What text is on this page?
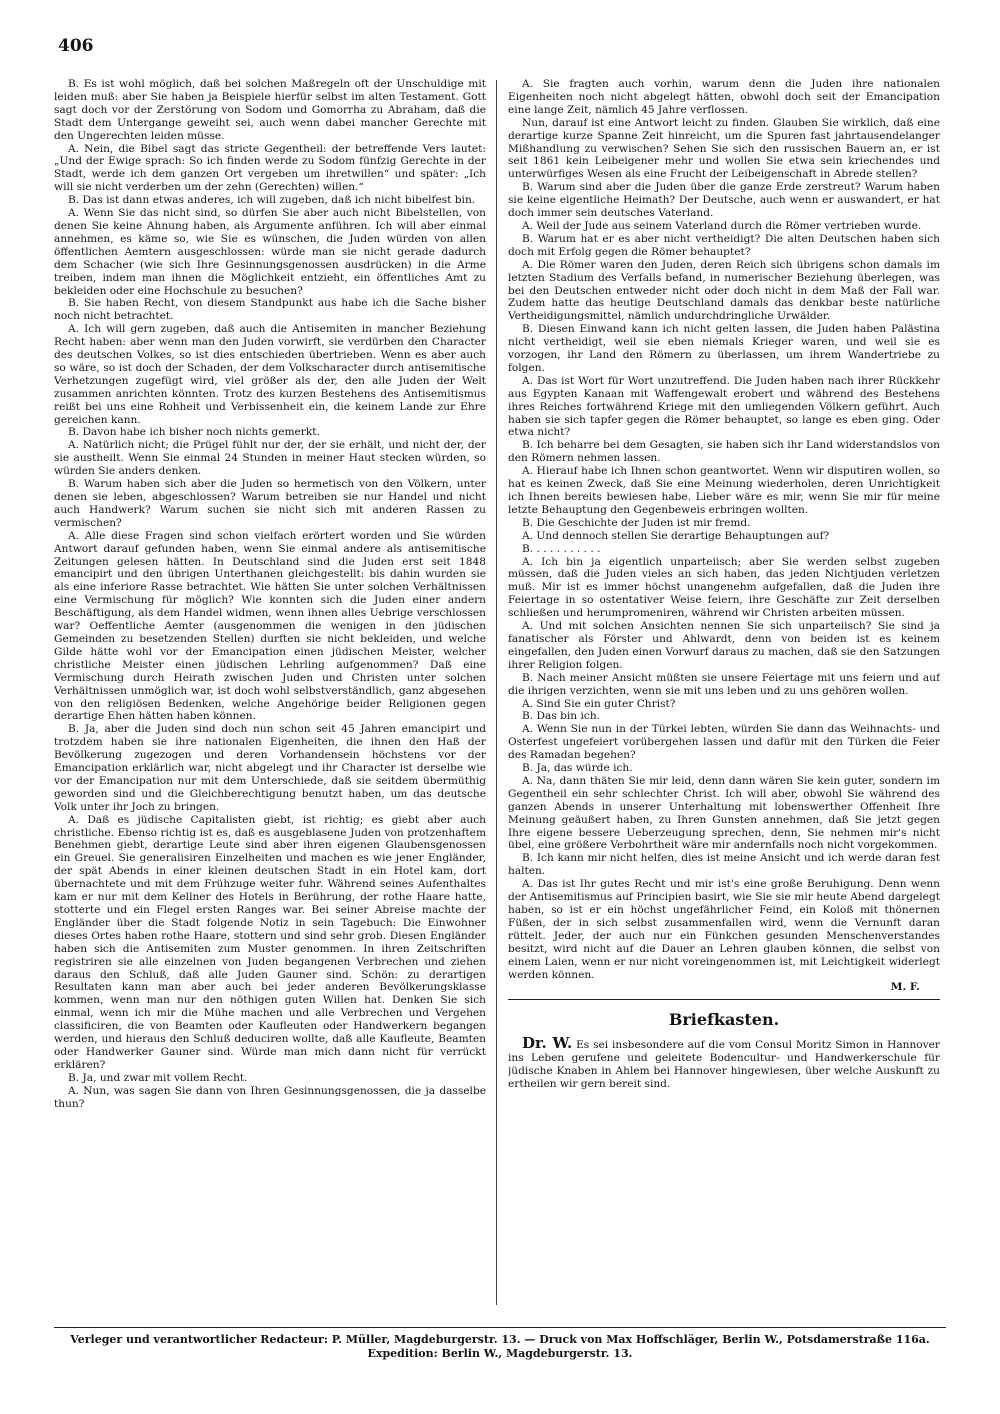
406

B. Es ist wohl möglich, daß bei solchen Maßregeln oft der Unschuldige mit leiden muß: aber Sie haben ja Beispiele hierfür selbst im alten Testament. Gott sagt doch vor der Zerstörung von Sodom und Gomorrha zu Abraham, daß die Stadt dem Untergange geweiht sei, auch wenn dabei mancher Gerechte mit den Ungerechten leiden müsse.

A. Nein, die Bibel sagt das stricte Gegentheil: der betreffende Vers lautet: „Und der Ewige sprach: So ich finden werde zu Sodom fünfzig Gerechte in der Stadt, werde ich dem ganzen Ort vergeben um ihretwillen“ und später: „Ich will sie nicht verderben um der zehn (Gerechten) willen.“

B. Das ist dann etwas anderes, ich will zugeben, daß ich nicht bibelfest bin.

A. Wenn Sie das nicht sind, so dürfen Sie aber auch nicht Bibelstellen, von denen Sie keine Ahnung haben, als Argumente anführen. Ich will aber einmal annehmen, es käme so, wie Sie es wünschen, die Juden würden von allen öffentlichen Aemtern ausgeschlossen: würde man sie nicht gerade dadurch dem Schacher (wie sich Ihre Gesinnungsgenossen ausdrücken) in die Arme treiben, indem man ihnen die Möglichkeit entzieht, ein öffentliches Amt zu bekleiden oder eine Hochschule zu besuchen?

B. Sie haben Recht, von diesem Standpunkt aus habe ich die Sache bisher noch nicht betrachtet.

A. Ich will gern zugeben, daß auch die Antisemiten in mancher Beziehung Recht haben: aber wenn man den Juden vorwirft, sie verdürben den Character des deutschen Volkes, so ist dies entschieden übertrieben. Wenn es aber auch so wäre, so ist doch der Schaden, der dem Volkscharacter durch antisemitische Verhetzungen zugefügt wird, viel größer als der, den alle Juden der Welt zusammen anrichten könnten. Trotz des kurzen Bestehens des Antisemitismus reißt bei uns eine Rohheit und Verbissenheit ein, die keinem Lande zur Ehre gereichen kann.

B. Davon habe ich bisher noch nichts gemerkt.

A. Natürlich nicht; die Prügel fühlt nur der, der sie erhält, und nicht der, der sie austheilt. Wenn Sie einmal 24 Stunden in meiner Haut stecken würden, so würden Sie anders denken.

B. Warum haben sich aber die Juden so hermetisch von den Völkern, unter denen sie leben, abgeschlossen? Warum betreiben sie nur Handel und nicht auch Handwerk? Warum suchen sie nicht sich mit anderen Rassen zu vermischen?

A. Alle diese Fragen sind schon vielfach erörtert worden und Sie würden Antwort darauf gefunden haben, wenn Sie einmal andere als antisemitische Zeitungen gelesen hätten. In Deutschland sind die Juden erst seit 1848 emancipirt und den übrigen Unterthanen gleichgestellt: bis dahin wurden sie als eine inferiore Rasse betrachtet. Wie hätten Sie unter solchen Verhältnissen eine Vermischung für möglich? Wie konnten sich die Juden einer andern Beschäftigung, als dem Handel widmen, wenn ihnen alles Uebrige verschlossen war? Oeffentliche Aemter (ausgenommen die wenigen in den jüdischen Gemeinden zu besetzenden Stellen) durften sie nicht bekleiden, und welche Gilde hätte wohl vor der Emancipation einen jüdischen Meister, welcher christliche Meister einen jüdischen Lehrling aufgenommen? Daß eine Vermischung durch Heirath zwischen Juden und Christen unter solchen Verhältnissen unmöglich war, ist doch wohl selbstverständlich, ganz abgesehen von den religiösen Bedenken, welche Angehörige beider Religionen gegen derartige Ehen hätten haben können.

B. Ja, aber die Juden sind doch nun schon seit 45 Jahren emancipirt und trotzdem haben sie ihre nationalen Eigenheiten, die ihnen den Haß der Bevölkerung zugezogen und deren Vorhandensein höchstens vor der Emancipation erklärlich war, nicht abgelegt und ihr Character ist derselbe wie vor der Emancipation nur mit dem Unterschiede, daß sie seitdem übermüthig geworden sind und die Gleichberechtigung benutzt haben, um das deutsche Volk unter ihr Joch zu bringen.

A. Daß es jüdische Capitalisten giebt, ist richtig; es giebt aber auch christliche. Ebenso richtig ist es, daß es ausgeblasene Juden von protzenhaftem Benehmen giebt, derartige Leute sind aber ihren eigenen Glaubensgenossen ein Greuel. Sie generalisiren Einzelheiten und machen es wie jener Engländer, der spät Abends in einer kleinen deutschen Stadt in ein Hotel kam, dort übernachtete und mit dem Frühzuge weiter fuhr. Während seines Aufenthaltes kam er nur mit dem Kellner des Hotels in Berührung, der rothe Haare hatte, stotterte und ein Flegel ersten Ranges war. Bei seiner Abreise machte der Engländer über die Stadt folgende Notiz in sein Tagebuch: Die Einwohner dieses Ortes haben rothe Haare, stottern und sind sehr grob. Diesen Engländer haben sich die Antisemiten zum Muster genommen. In ihren Zeitschriften registriren sie alle einzelnen von Juden begangenen Verbrechen und ziehen daraus den Schluß, daß alle Juden Gauner sind. Schön: zu derartigen Resultaten kann man aber auch bei jeder anderen Bevölkerungsklasse kommen, wenn man nur den nöthigen guten Willen hat. Denken Sie sich einmal, wenn ich mir die Mühe machen und alle Verbrechen und Vergehen classificiren, die von Beamten oder Kaufleuten oder Handwerkern begangen werden, und hieraus den Schluß deduciren wollte, daß alle Kaufleute, Beamten oder Handwerker Gauner sind. Würde man mich dann nicht für verrückt erklären?

B. Ja, und zwar mit vollem Recht.

A. Nun, was sagen Sie dann von Ihren Gesinnungsgenossen, die ja dasselbe thun?

A. Sie fragten auch vorhin, warum denn die Juden ihre nationalen Eigenheiten noch nicht abgelegt hätten, obwohl doch seit der Emancipation eine lange Zeit, nämlich 45 Jahre verflossen.

Nun, darauf ist eine Antwort leicht zu finden. Glauben Sie wirklich, daß eine derartige kurze Spanne Zeit hinreicht, um die Spuren fast jahrtausendelanger Mißhandlung zu verwischen? Sehen Sie sich den russischen Bauern an, er ist seit 1861 kein Leibeigener mehr und wollen Sie etwa sein kriechendes und unterwürfiges Wesen als eine Frucht der Leibeigenschaft in Abrede stellen?

B. Warum sind aber die Juden über die ganze Erde zerstreut? Warum haben sie keine eigentliche Heimath? Der Deutsche, auch wenn er auswandert, er hat doch immer sein deutsches Vaterland.

A. Weil der Jude aus seinem Vaterland durch die Römer vertrieben wurde.

B. Warum hat er es aber nicht vertheidigt? Die alten Deutschen haben sich doch mit Erfolg gegen die Römer behauptet?

A. Die Römer waren den Juden, deren Reich sich übrigens schon damals im letzten Stadium des Verfalls befand, in numerischer Beziehung überlegen, was bei den Deutschen entweder nicht oder doch nicht in dem Maß der Fall war. Zudem hatte das heutige Deutschland damals das denkbar beste natürliche Vertheidigungsmittel, nämlich undurchdringliche Urwälder.

B. Diesen Einwand kann ich nicht gelten lassen, die Juden haben Palästina nicht vertheidigt, weil sie eben niemals Krieger waren, und weil sie es vorzogen, ihr Land den Römern zu überlassen, um ihrem Wandertriebe zu folgen.

A. Das ist Wort für Wort unzutreffend. Die Juden haben nach ihrer Rückkehr aus Egypten Kanaan mit Waffengewalt erobert und während des Bestehens ihres Reiches fortwährend Kriege mit den umliegenden Völkern geführt. Auch haben sie sich tapfer gegen die Römer behauptet, so lange es eben ging. Oder etwa nicht?

B. Ich beharre bei dem Gesagten, sie haben sich ihr Land widerstandslos von den Römern nehmen lassen.

A. Hierauf habe ich Ihnen schon geantwortet. Wenn wir disputiren wollen, so hat es keinen Zweck, daß Sie eine Meinung wiederholen, deren Unrichtigkeit ich Ihnen bereits bewiesen habe. Lieber wäre es mir, wenn Sie mir für meine letzte Behauptung den Gegenbeweis erbringen wollten.

B. Die Geschichte der Juden ist mir fremd.

A. Und dennoch stellen Sie derartige Behauptungen auf?

B. . . . . . . . . . .

A. Ich bin ja eigentlich unparteiisch; aber Sie werden selbst zugeben müssen, daß die Juden vieles an sich haben, das jeden Nichtjuden verletzen muß. Mir ist es immer höchst unangenehm aufgefallen, daß die Juden ihre Feiertage in so ostentativer Weise feiern, ihre Geschäfte zur Zeit derselben schließen und herumpromeniren, während wir Christen arbeiten müssen.

A. Und mit solchen Ansichten nennen Sie sich unparteiisch? Sie sind ja fanatischer als Förster und Ahlwardt, denn von beiden ist es keinem eingefallen, den Juden einen Vorwurf daraus zu machen, daß sie den Satzungen ihrer Religion folgen.

B. Nach meiner Ansicht müßten sie unsere Feiertage mit uns feiern und auf die ihrigen verzichten, wenn sie mit uns leben und zu uns gehören wollen.

A. Sind Sie ein guter Christ?

B. Das bin ich.

A. Wenn Sie nun in der Türkei lebten, würden Sie dann das Weihnachts- und Osterfest ungefeiert vorübergehen lassen und dafür mit den Türken die Feier des Ramadan begehen?

B. Ja, das würde ich.

A. Na, dann thäten Sie mir leid, denn dann wären Sie kein guter, sondern im Gegentheil ein sehr schlechter Christ. Ich will aber, obwohl Sie während des ganzen Abends in unserer Unterhaltung mit lobenswerther Offenheit Ihre Meinung geäußert haben, zu Ihren Gunsten annehmen, daß Sie jetzt gegen Ihre eigene bessere Ueberzeugung sprechen, denn, Sie nehmen mir's nicht übel, eine größere Verbohrtheit wäre mir andernfalls noch nicht vorgekommen.

B. Ich kann mir nicht helfen, dies ist meine Ansicht und ich werde daran fest halten.

A. Das ist Ihr gutes Recht und mir ist's eine große Beruhigung. Denn wenn der Antisemitismus auf Principien basirt, wie Sie sie mir heute Abend dargelegt haben, so ist er ein höchst ungefährlicher Feind, ein Koloß mit thönernen Füßen, der in sich selbst zusammenfallen wird, wenn die Vernunft daran rüttelt. Jeder, der auch nur ein Fünkchen gesunden Menschenverstandes besitzt, wird nicht auf die Dauer an Lehren glauben können, die selbst von einem Laien, wenn er nur nicht voreingenommen ist, mit Leichtigkeit widerlegt werden können.

M. F.

Briefkasten.

Dr. W. Es sei insbesondere auf die vom Consul Moritz Simon in Hannover ins Leben gerufene und geleitete Bodencultur- und Handwerkerschule für jüdische Knaben in Ahlem bei Hannover hingewiesen, über welche Auskunft zu ertheilen wir gern bereit sind.

Verleger und verantwortlicher Redacteur: P. Müller, Magdeburgerstr. 13. — Druck von Max Hoffschläger, Berlin W., Potsdamerstraße 116a.
Expedition: Berlin W., Magdeburgerstr. 13.
